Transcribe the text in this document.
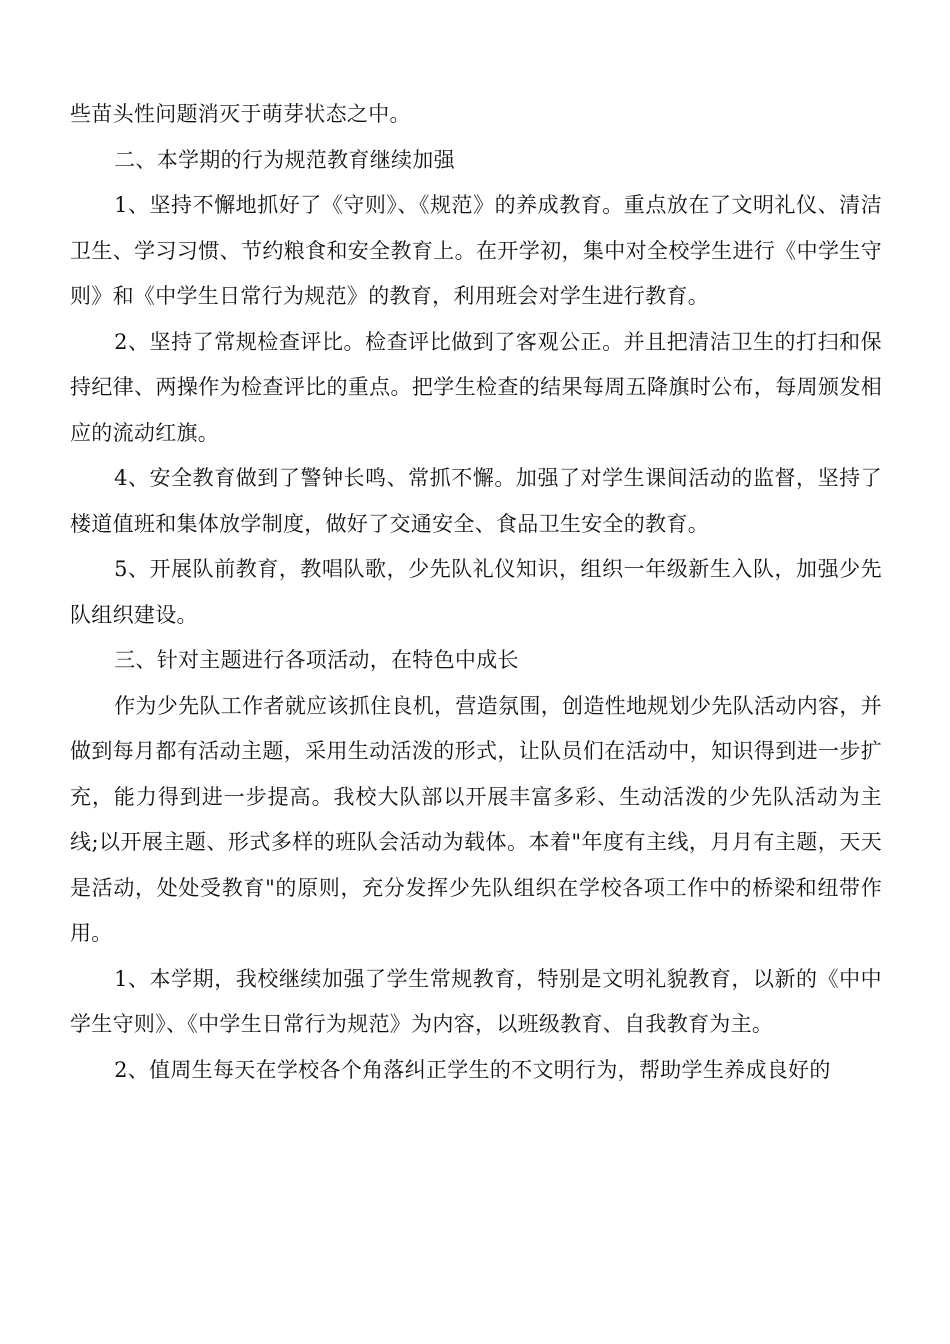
些苗头性问题消灭于萌芽状态之中。

二、本学期的行为规范教育继续加强

1、坚持不懈地抓好了《守则》、《规范》的养成教育。重点放在了文明礼仪、清洁卫生、学习习惯、节约粮食和安全教育上。在开学初，集中对全校学生进行《中学生守则》和《中学生日常行为规范》的教育，利用班会对学生进行教育。

2、坚持了常规检查评比。检查评比做到了客观公正。并且把清洁卫生的打扫和保持纪律、两操作为检查评比的重点。把学生检查的结果每周五降旗时公布，每周颁发相应的流动红旗。

4、安全教育做到了警钟长鸣、常抓不懈。加强了对学生课间活动的监督，坚持了楼道值班和集体放学制度，做好了交通安全、食品卫生安全的教育。

5、开展队前教育，教唱队歌，少先队礼仪知识，组织一年级新生入队，加强少先队组织建设。

三、针对主题进行各项活动，在特色中成长

作为少先队工作者就应该抓住良机，营造氛围，创造性地规划少先队活动内容，并做到每月都有活动主题，采用生动活泼的形式，让队员们在活动中，知识得到进一步扩充，能力得到进一步提高。我校大队部以开展丰富多彩、生动活泼的少先队活动为主线;以开展主题、形式多样的班队会活动为载体。本着"年度有主线，月月有主题，天天是活动，处处受教育"的原则，充分发挥少先队组织在学校各项工作中的桥梁和纽带作用。

1、本学期，我校继续加强了学生常规教育，特别是文明礼貌教育，以新的《中中学生守则》、《中学生日常行为规范》为内容，以班级教育、自我教育为主。

2、值周生每天在学校各个角落纠正学生的不文明行为，帮助学生养成良好的
